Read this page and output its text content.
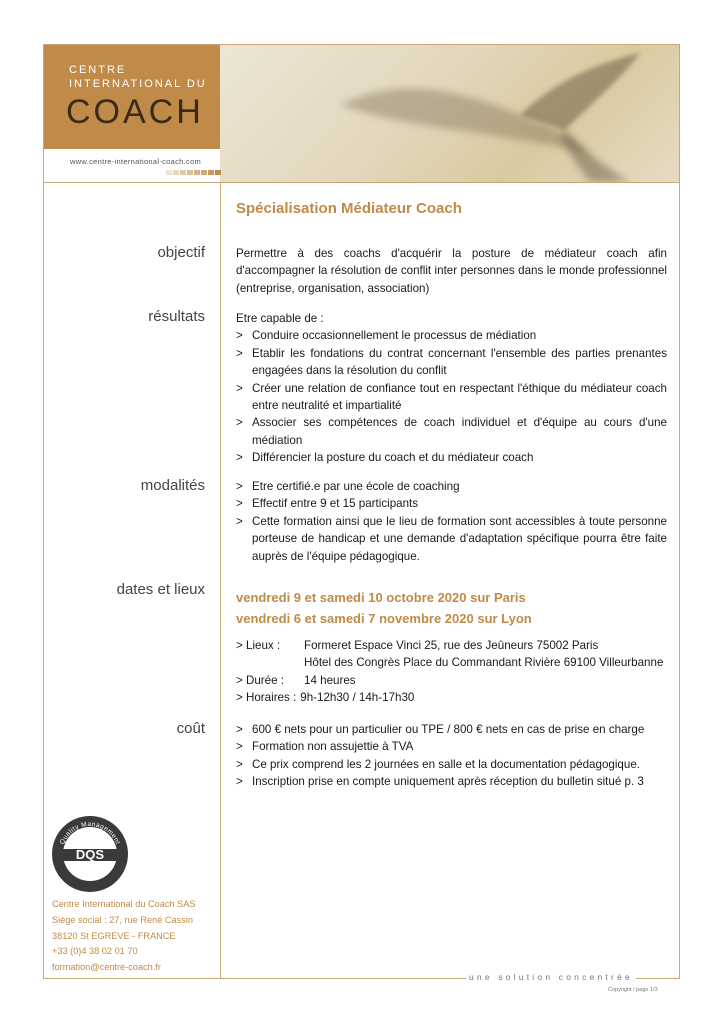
CENTRE
INTERNATIONAL DU
COACH
www.centre-international-coach.com
Spécialisation Médiateur Coach
objectif	Permettre à des coachs d'acquérir la posture de médiateur coach afin d'accompagner la résolution de conflit inter personnes dans le monde professionnel (entreprise, organisation, association)
résultats	Etre capable de :
> Conduire occasionnellement le processus de médiation
> Etablir les fondations du contrat concernant l'ensemble des parties prenantes engagées dans la résolution du conflit
> Créer une relation de confiance tout en respectant l'éthique du médiateur coach entre neutralité et impartialité
> Associer ses compétences de coach individuel et d'équipe au cours d'une médiation
> Différencier la posture du coach et du médiateur coach
modalités	> Etre certifié.e par une école de coaching
> Effectif entre 9 et 15 participants
> Cette formation ainsi que le lieu de formation sont accessibles à toute personne porteuse de handicap et une demande d'adaptation spécifique pourra être faite auprès de l'équipe pédagogique.
dates et lieux vendredi 9 et samedi 10 octobre 2020 sur Paris
vendredi 6 et samedi 7 novembre 2020 sur Lyon
> Lieux :	Formeret Espace Vinci 25, rue des Jeûneurs 75002 Paris
Hôtel des Congrès Place du Commandant Rivière 69100 Villeurbanne
> Durée :	14 heures
> Horaires : 9h-12h30 / 14h-17h30
coût	> 600 € nets pour un particulier ou TPE / 800 € nets en cas de prise en charge
> Formation non assujettie à TVA
> Ce prix comprend les 2 journées en salle et la documentation pédagogique.
> Inscription prise en compte uniquement après réception du bulletin situé p. 3
Quality Management
ISO 9001
DQS
Centre International du Coach SAS
Siège social : 27, rue René Cassin
38120 St EGREVE - FRANCE
+33 (0)4 38 02 01 70
formation@centre-coach.fr
une solution concentrée
Copyright / page 1/3
